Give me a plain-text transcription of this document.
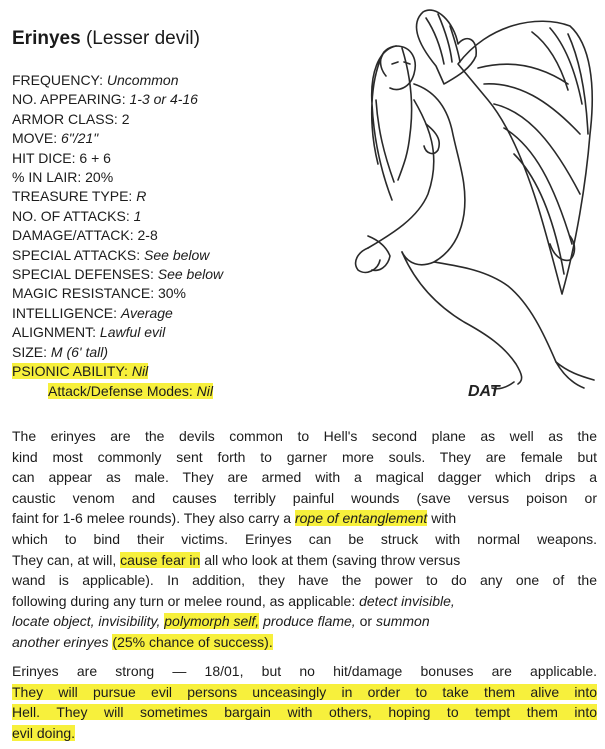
Erinyes (Lesser devil)
FREQUENCY: Uncommon
NO. APPEARING: 1-3 or 4-16
ARMOR CLASS: 2
MOVE: 6"/21"
HIT DICE: 6 + 6
% IN LAIR: 20%
TREASURE TYPE: R
NO. OF ATTACKS: 1
DAMAGE/ATTACK: 2-8
SPECIAL ATTACKS: See below
SPECIAL DEFENSES: See below
MAGIC RESISTANCE: 30%
INTELLIGENCE: Average
ALIGNMENT: Lawful evil
SIZE: M (6' tall)
PSIONIC ABILITY: Nil
Attack/Defense Modes: Nil	DAT
The erinyes are the devils common to Hell's second plane as well as the
kind most commonly sent forth to garner more souls. They are female but
can appear as male. They are armed with a magical dagger which drips a
caustic venom and causes terribly painful wounds (save versus poison or
faint for 1-6 melee rounds). They also carry a rope of entanglement with
which to bind their victims. Erinyes can be struck with normal weapons.
They can, at will, cause fear in all who look at them (saving throw versus
wand is applicable). In addition, they have the power to do any one of the
following during any turn or melee round, as applicable: detect invisible,
locate object, invisibility, polymorph self, produce flame, or summon
another erinyes (25% chance of success).
Erinyes are strong — 18/01, but no hit/damage bonuses are applicable.
They will pursue evil persons unceasingly in order to take them alive into
Hell. They will sometimes bargain with others, hoping to tempt them into
evil doing.
